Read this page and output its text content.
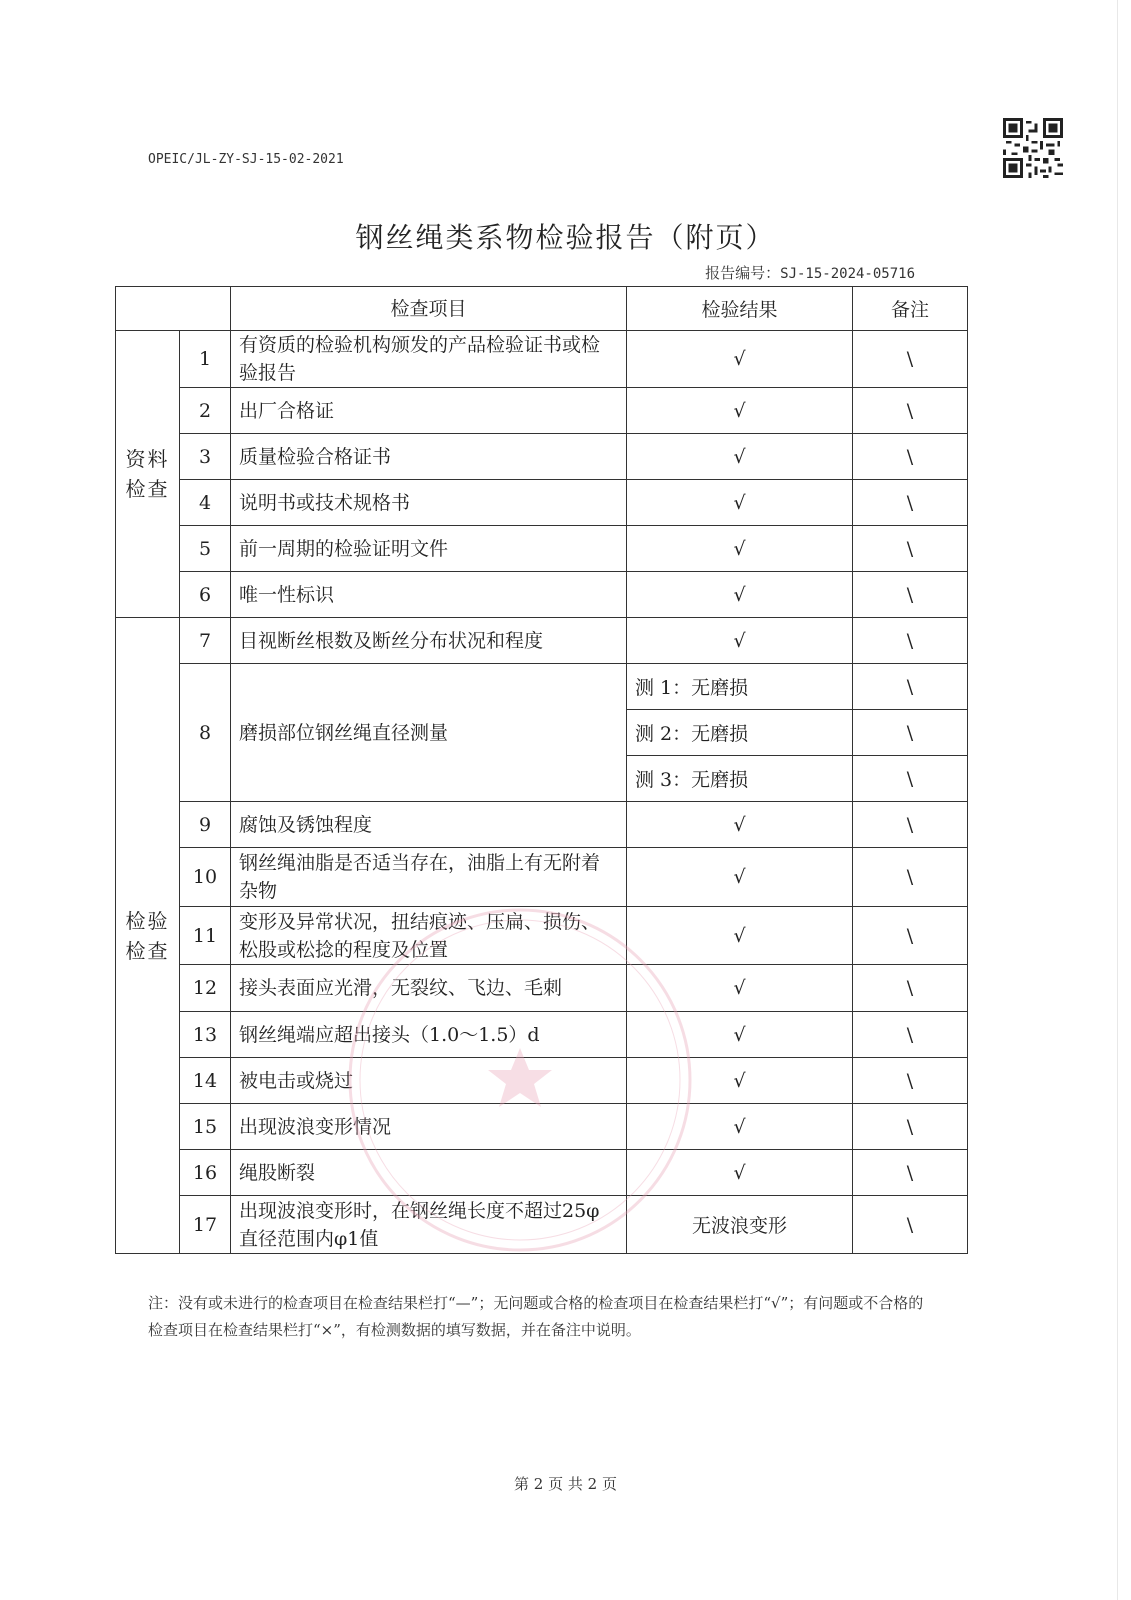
OPEIC/JL-ZY-SJ-15-02-2021
钢丝绳类系物检验报告（附页）
报告编号：SJ-15-2024-05716
		检查项目	检验结果	备注
资料
检查	1	有资质的检验机构颁发的产品检验证书或检验报告	√	\
	2	出厂合格证	√	\
	3	质量检验合格证书	√	\
	4	说明书或技术规格书	√	\
	5	前一周期的检验证明文件	√	\
	6	唯一性标识	√	\
检验
检查	7	目视断丝根数及断丝分布状况和程度	√	\
	8	磨损部位钢丝绳直径测量	测 1：无磨损	\
			测 2：无磨损	\
			测 3：无磨损	\
	9	腐蚀及锈蚀程度	√	\
	10	钢丝绳油脂是否适当存在，油脂上有无附着杂物	√	\
	11	变形及异常状况，扭结痕迹、压扁、损伤、松股或松捻的程度及位置	√	\
	12	接头表面应光滑，无裂纹、飞边、毛刺	√	\
	13	钢丝绳端应超出接头（1.0～1.5）d	√	\
	14	被电击或烧过	√	\
	15	出现波浪变形情况	√	\
	16	绳股断裂	√	\
	17	出现波浪变形时，在钢丝绳长度不超过25φ直径范围内φ1值	无波浪变形	\
注：没有或未进行的检查项目在检查结果栏打“—”；无问题或合格的检查项目在检查结果栏打“√”；有问题或不合格的检查项目在检查结果栏打“×”，有检测数据的填写数据，并在备注中说明。
第 2 页 共 2 页
